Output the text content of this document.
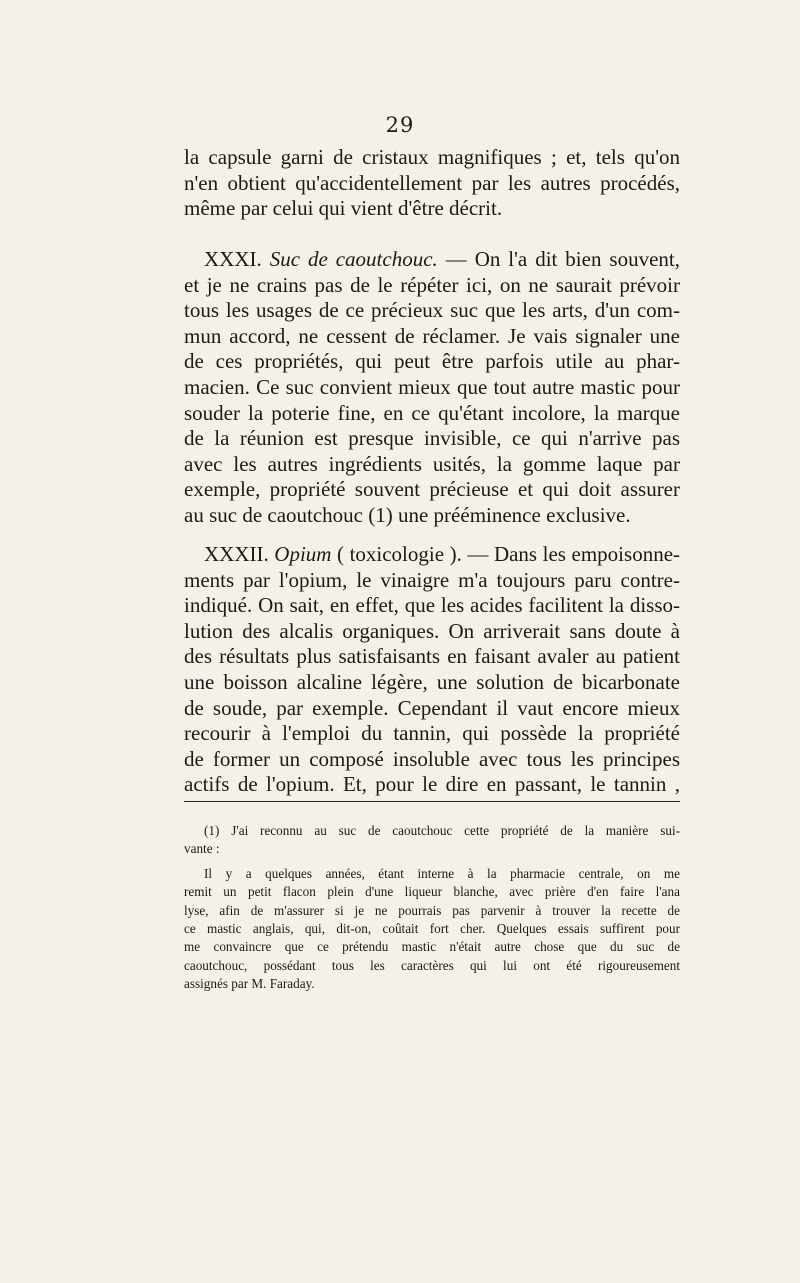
29
la capsule garni de cristaux magnifiques ; et, tels qu'on
n'en obtient qu'accidentellement par les autres procédés,
même par celui qui vient d'être décrit.
XXXI. Suc de caoutchouc. — On l'a dit bien souvent,
et je ne crains pas de le répéter ici, on ne saurait prévoir
tous les usages de ce précieux suc que les arts, d'un com-
mun accord, ne cessent de réclamer. Je vais signaler une
de ces propriétés, qui peut être parfois utile au phar-
macien. Ce suc convient mieux que tout autre mastic pour
souder la poterie fine, en ce qu'étant incolore, la marque
de la réunion est presque invisible, ce qui n'arrive pas
avec les autres ingrédients usités, la gomme laque par
exemple, propriété souvent précieuse et qui doit assurer
au suc de caoutchouc (1) une prééminence exclusive.
XXXII. Opium ( toxicologie ). — Dans les empoisonne-
ments par l'opium, le vinaigre m'a toujours paru contre-
indiqué. On sait, en effet, que les acides facilitent la disso-
lution des alcalis organiques. On arriverait sans doute à
des résultats plus satisfaisants en faisant avaler au patient
une boisson alcaline légère, une solution de bicarbonate
de soude, par exemple. Cependant il vaut encore mieux
recourir à l'emploi du tannin, qui possède la propriété
de former un composé insoluble avec tous les principes
actifs de l'opium. Et, pour le dire en passant, le tannin ,
(1) J'ai reconnu au suc de caoutchouc cette propriété de la manière sui-
vante :
Il y a quelques années, étant interne à la pharmacie centrale, on me
remit un petit flacon plein d'une liqueur blanche, avec prière d'en faire l'ana
lyse, afin de m'assurer si je ne pourrais pas parvenir à trouver la recette de
ce mastic anglais, qui, dit-on, coûtait fort cher. Quelques essais suffirent pour
me convaincre que ce prétendu mastic n'était autre chose que du suc de
caoutchouc, possédant tous les caractères qui lui ont été rigoureusement
assignés par M. Faraday.
